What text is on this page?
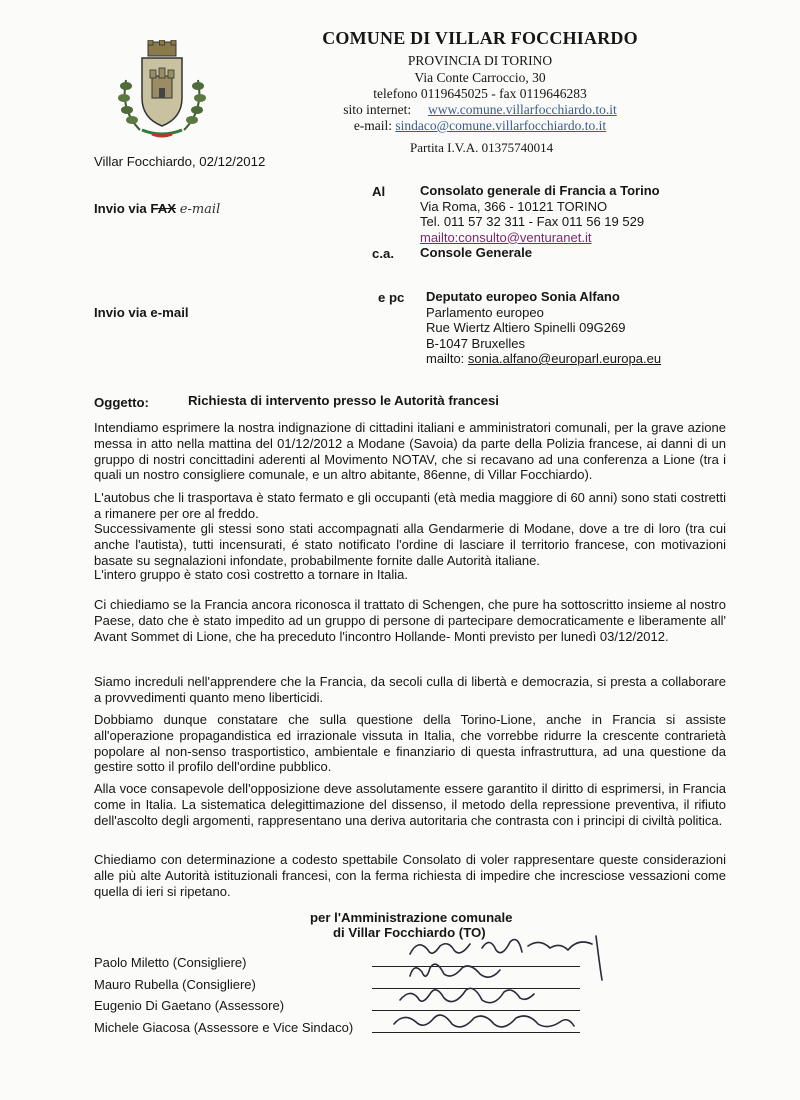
COMUNE DI VILLAR FOCCHIARDO
PROVINCIA DI TORINO
Via Conte Carroccio, 30
telefono 0119645025 - fax 0119646283
sito internet: www.comune.villarfocchiardo.to.it
e-mail: sindaco@comune.villarfocchiardo.to.it
Partita I.V.A. 01375740014
Villar Focchiardo, 02/12/2012
Invio via FAX e-mail
Al	Consolato generale di Francia a Torino
Via Roma, 366 - 10121 TORINO
Tel. 011 57 32 311 - Fax 011 56 19 529
mailto:consulto@venturanet.it
c.a. Console Generale
Invio via e-mail
e pc Deputato europeo Sonia Alfano
Parlamento europeo
Rue Wiertz Altiero Spinelli 09G269
B-1047 Bruxelles
mailto: sonia.alfano@europarl.europa.eu
Oggetto:	Richiesta di intervento presso le Autorità francesi
Intendiamo esprimere la nostra indignazione di cittadini italiani e amministratori comunali, per la grave azione messa in atto nella mattina del 01/12/2012 a Modane (Savoia) da parte della Polizia francese, ai danni di un gruppo di nostri concittadini aderenti al Movimento NOTAV, che si recavano ad una conferenza a Lione (tra i quali un nostro consigliere comunale, e un altro abitante, 86enne, di Villar Focchiardo).
L'autobus che li trasportava è stato fermato e gli occupanti (età media maggiore di 60 anni) sono stati costretti a rimanere per ore al freddo.
Successivamente gli stessi sono stati accompagnati alla Gendarmerie di Modane, dove a tre di loro (tra cui anche l'autista), tutti incensurati, é stato notificato l'ordine di lasciare il territorio francese, con motivazioni basate su segnalazioni infondate, probabilmente fornite dalle Autorità italiane.
L'intero gruppo è stato così costretto a tornare in Italia.
Ci chiediamo se la Francia ancora riconosca il trattato di Schengen, che pure ha sottoscritto insieme al nostro Paese, dato che è stato impedito ad un gruppo di persone di partecipare democraticamente e liberamente all' Avant Sommet di Lione, che ha preceduto l'incontro Hollande- Monti previsto per lunedì 03/12/2012.
Siamo increduli nell'apprendere che la Francia, da secoli culla di libertà e democrazia, si presta a collaborare a provvedimenti quanto meno liberticidi.
Dobbiamo dunque constatare che sulla questione della Torino-Lione, anche in Francia si assiste all'operazione propagandistica ed irrazionale vissuta in Italia, che vorrebbe ridurre la crescente contrarietà popolare al non-senso trasportistico, ambientale e finanziario di questa infrastruttura, ad una questione da gestire sotto il profilo dell'ordine pubblico.
Alla voce consapevole dell'opposizione deve assolutamente essere garantito il diritto di esprimersi, in Francia come in Italia. La sistematica delegittimazione del dissenso, il metodo della repressione preventiva, il rifiuto dell'ascolto degli argomenti, rappresentano una deriva autoritaria che contrasta con i principi di civiltà politica.
Chiediamo con determinazione a codesto spettabile Consolato di voler rappresentare queste considerazioni alle più alte Autorità istituzionali francesi, con la ferma richiesta di impedire che incresciose vessazioni come quella di ieri si ripetano.
per l'Amministrazione comunale
di Villar Focchiardo (TO)
Paolo Miletto (Consigliere)
Mauro Rubella (Consigliere)
Eugenio Di Gaetano (Assessore)
Michele Giacosa (Assessore e Vice Sindaco)
